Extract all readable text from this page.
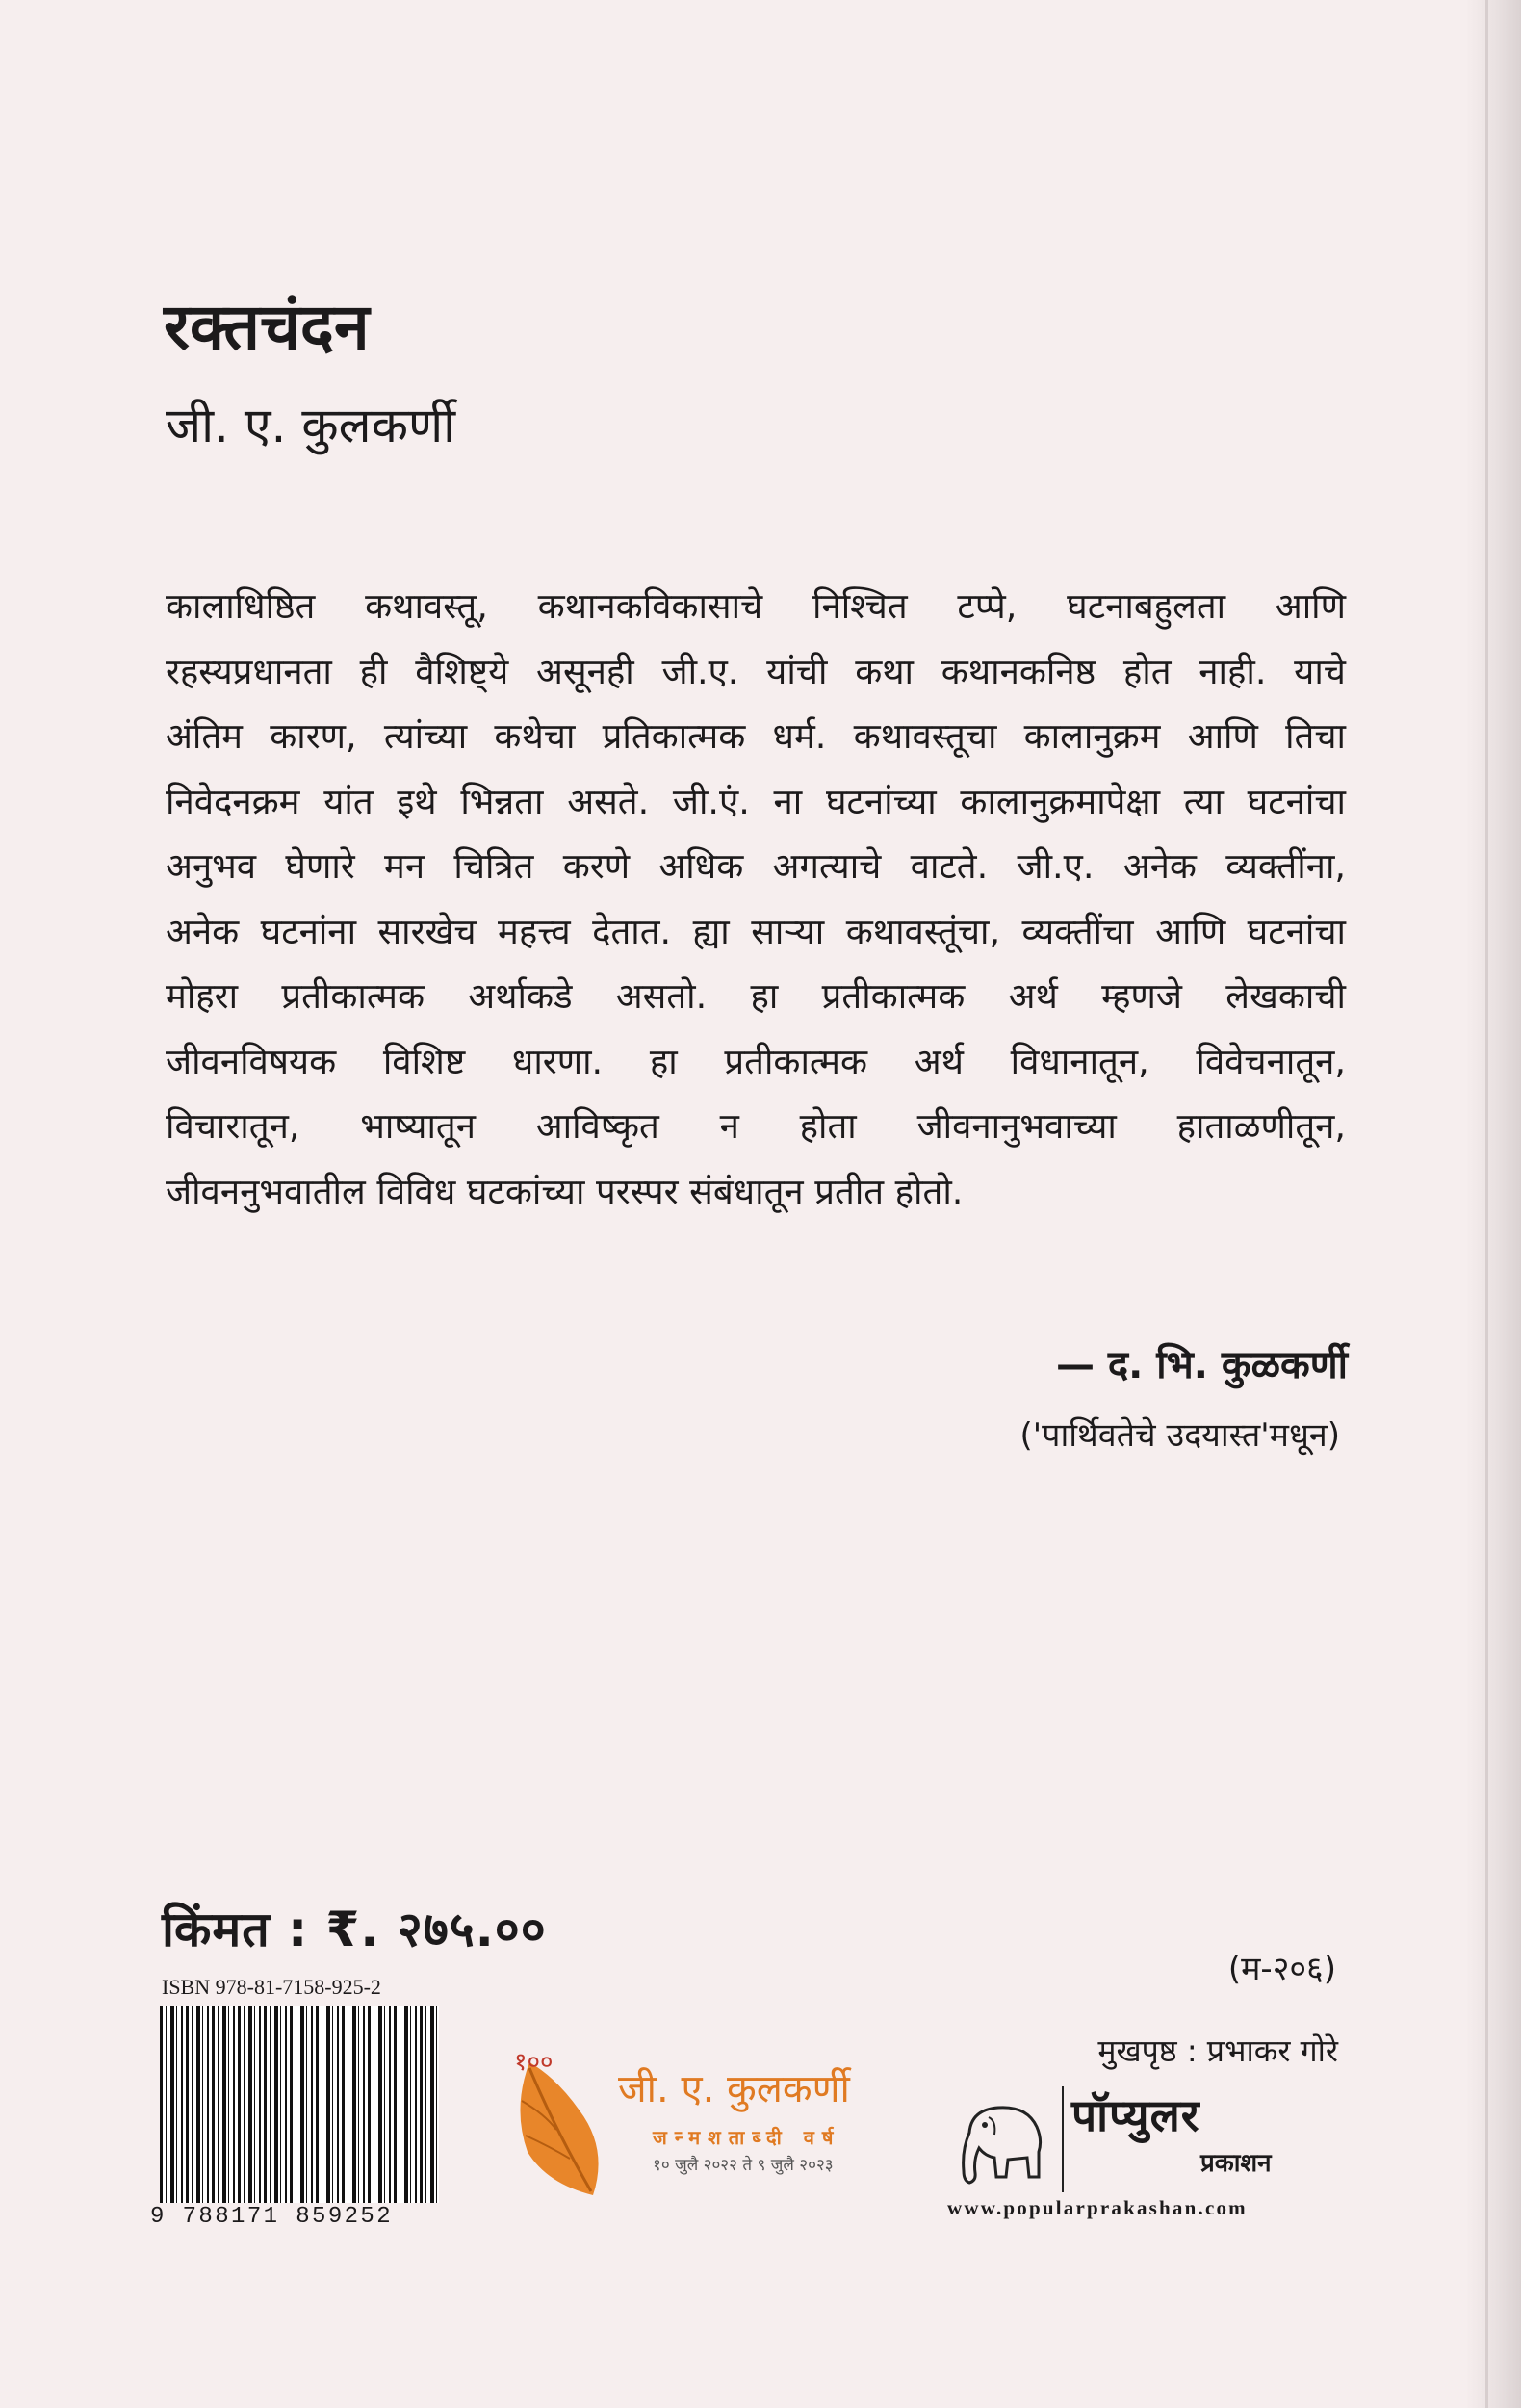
रक्तचंदन
जी. ए. कुलकर्णी
कालाधिष्ठित कथावस्तू, कथानकविकासाचे निश्चित टप्पे, घटनाबहुलता आणि
रहस्यप्रधानता ही वैशिष्ट्ये असूनही जी.ए. यांची कथा कथानकनिष्ठ होत नाही. याचे
अंतिम कारण, त्यांच्या कथेचा प्रतिकात्मक धर्म. कथावस्तूचा कालानुक्रम आणि तिचा
निवेदनक्रम यांत इथे भिन्नता असते. जी.एं. ना घटनांच्या कालानुक्रमापेक्षा त्या घटनांचा
अनुभव घेणारे मन चित्रित करणे अधिक अगत्याचे वाटते. जी.ए. अनेक व्यक्तींना,
अनेक घटनांना सारखेच महत्त्व देतात. ह्या साऱ्या कथावस्तूंचा, व्यक्तींचा आणि घटनांचा
मोहरा प्रतीकात्मक अर्थाकडे असतो. हा प्रतीकात्मक अर्थ म्हणजे लेखकाची
जीवनविषयक विशिष्ट धारणा. हा प्रतीकात्मक अर्थ विधानातून, विवेचनातून,
विचारातून, भाष्यातून आविष्कृत न होता जीवनानुभवाच्या हाताळणीतून,
जीवननुभवातील विविध घटकांच्या परस्पर संबंधातून प्रतीत होतो.
— द. भि. कुळकर्णी
('पार्थिवतेचे उदयास्त'मधून)
किंमत : ₹. २७५.००
(म-२०६)
ISBN 978-81-7158-925-2
9 788171 859252
मुखपृष्ठ : प्रभाकर गोरे
१००
जी. ए. कुलकर्णी
जन्मशताब्दी वर्ष
१० जुलै २०२२ ते ९ जुलै २०२३
पॉप्युलर
प्रकाशन
www.popularprakashan.com
